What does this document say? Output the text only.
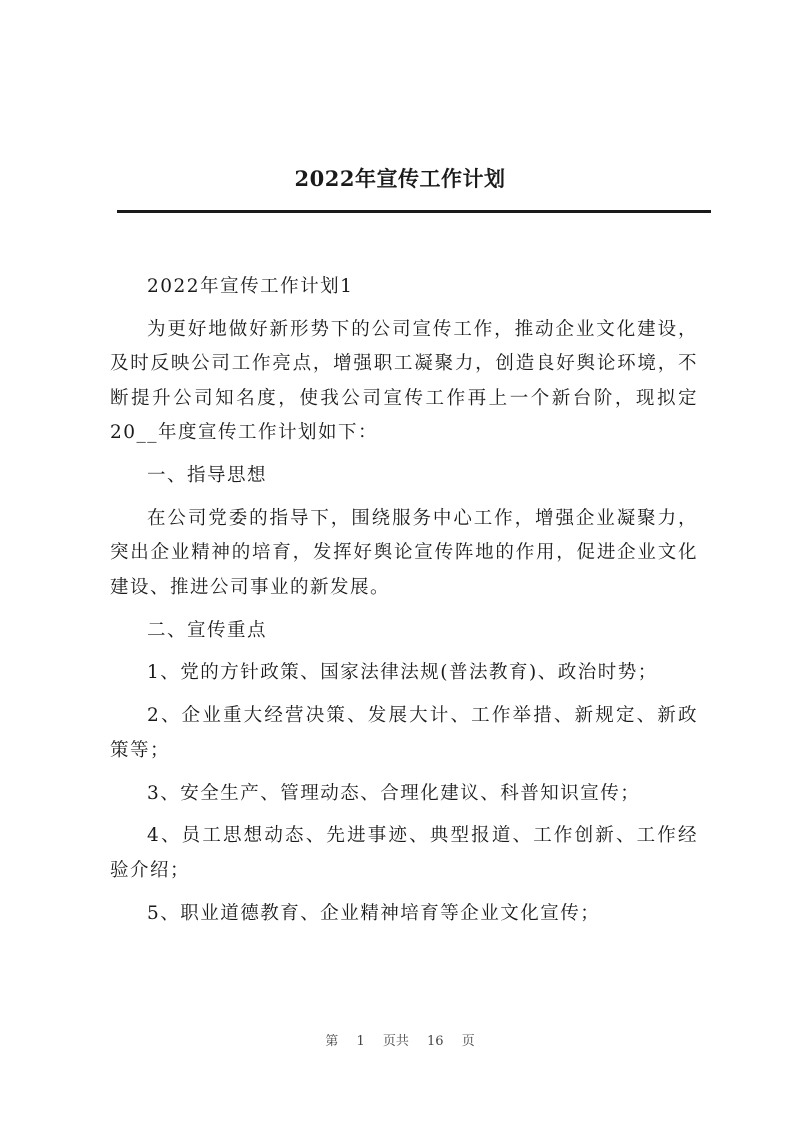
2022年宣传工作计划

2022年宣传工作计划1

为更好地做好新形势下的公司宣传工作，推动企业文化建设，及时反映公司工作亮点，增强职工凝聚力，创造良好舆论环境，不断提升公司知名度，使我公司宣传工作再上一个新台阶，现拟定20__年度宣传工作计划如下：

一、指导思想

在公司党委的指导下，围绕服务中心工作，增强企业凝聚力，突出企业精神的培育，发挥好舆论宣传阵地的作用，促进企业文化建设、推进公司事业的新发展。

二、宣传重点

1、党的方针政策、国家法律法规(普法教育)、政治时势；

2、企业重大经营决策、发展大计、工作举措、新规定、新政策等；

3、安全生产、管理动态、合理化建议、科普知识宣传；

4、员工思想动态、先进事迹、典型报道、工作创新、工作经验介绍；

5、职业道德教育、企业精神培育等企业文化宣传；

第 1 页共 16 页
